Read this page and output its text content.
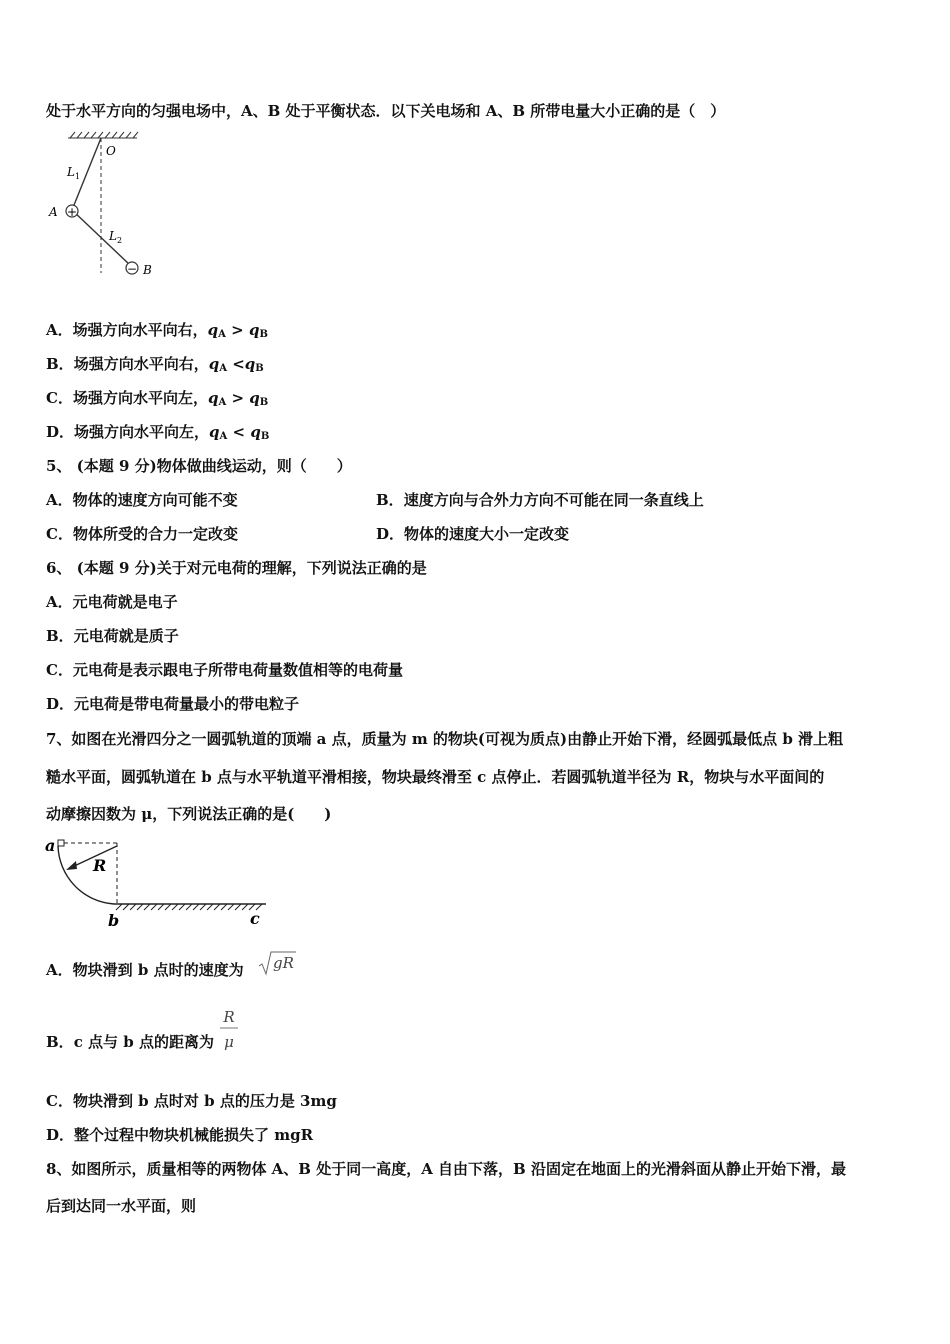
处于水平方向的匀强电场中，A、B 处于平衡状态．以下关电场和 A、B 所带电量大小正确的是（　）
+
−
O
L 1
A
L 2
B
A．场强方向水平向右，$q_A > q_B$
B．场强方向水平向右，$q_A <q_B$
C．场强方向水平向左，$q_A > q_B$
D．场强方向水平向左，$q_A < q_B$
5、 (本题 9 分)物体做曲线运动，则（　　）
A．物体的速度方向可能不变	B．速度方向与合外力方向不可能在同一条直线上
C．物体所受的合力一定改变	D．物体的速度大小一定改变
6、 (本题 9 分)关于对元电荷的理解，下列说法正确的是
A．元电荷就是电子
B．元电荷就是质子
C．元电荷是表示跟电子所带电荷量数值相等的电荷量
D．元电荷是带电荷量最小的带电粒子
7、如图在光滑四分之一圆弧轨道的顶端 a 点，质量为 m 的物块(可视为质点)由静止开始下滑，经圆弧最低点 b 滑上粗
糙水平面，圆弧轨道在 b 点与水平轨道平滑相接，物块最终滑至 c 点停止．若圆弧轨道半径为 R，物块与水平面间的
动摩擦因数为 μ，下列说法正确的是(　　)
a
R
b	c
A．物块滑到 b 点时的速度为 gR
B．c 点与 b 点的距离为
R
μ
C．物块滑到 b 点时对 b 点的压力是 3mg
D．整个过程中物块机械能损失了 mgR
8、如图所示，质量相等的两物体 A、B 处于同一高度，A 自由下落，B 沿固定在地面上的光滑斜面从静止开始下滑，最
后到达同一水平面，则
